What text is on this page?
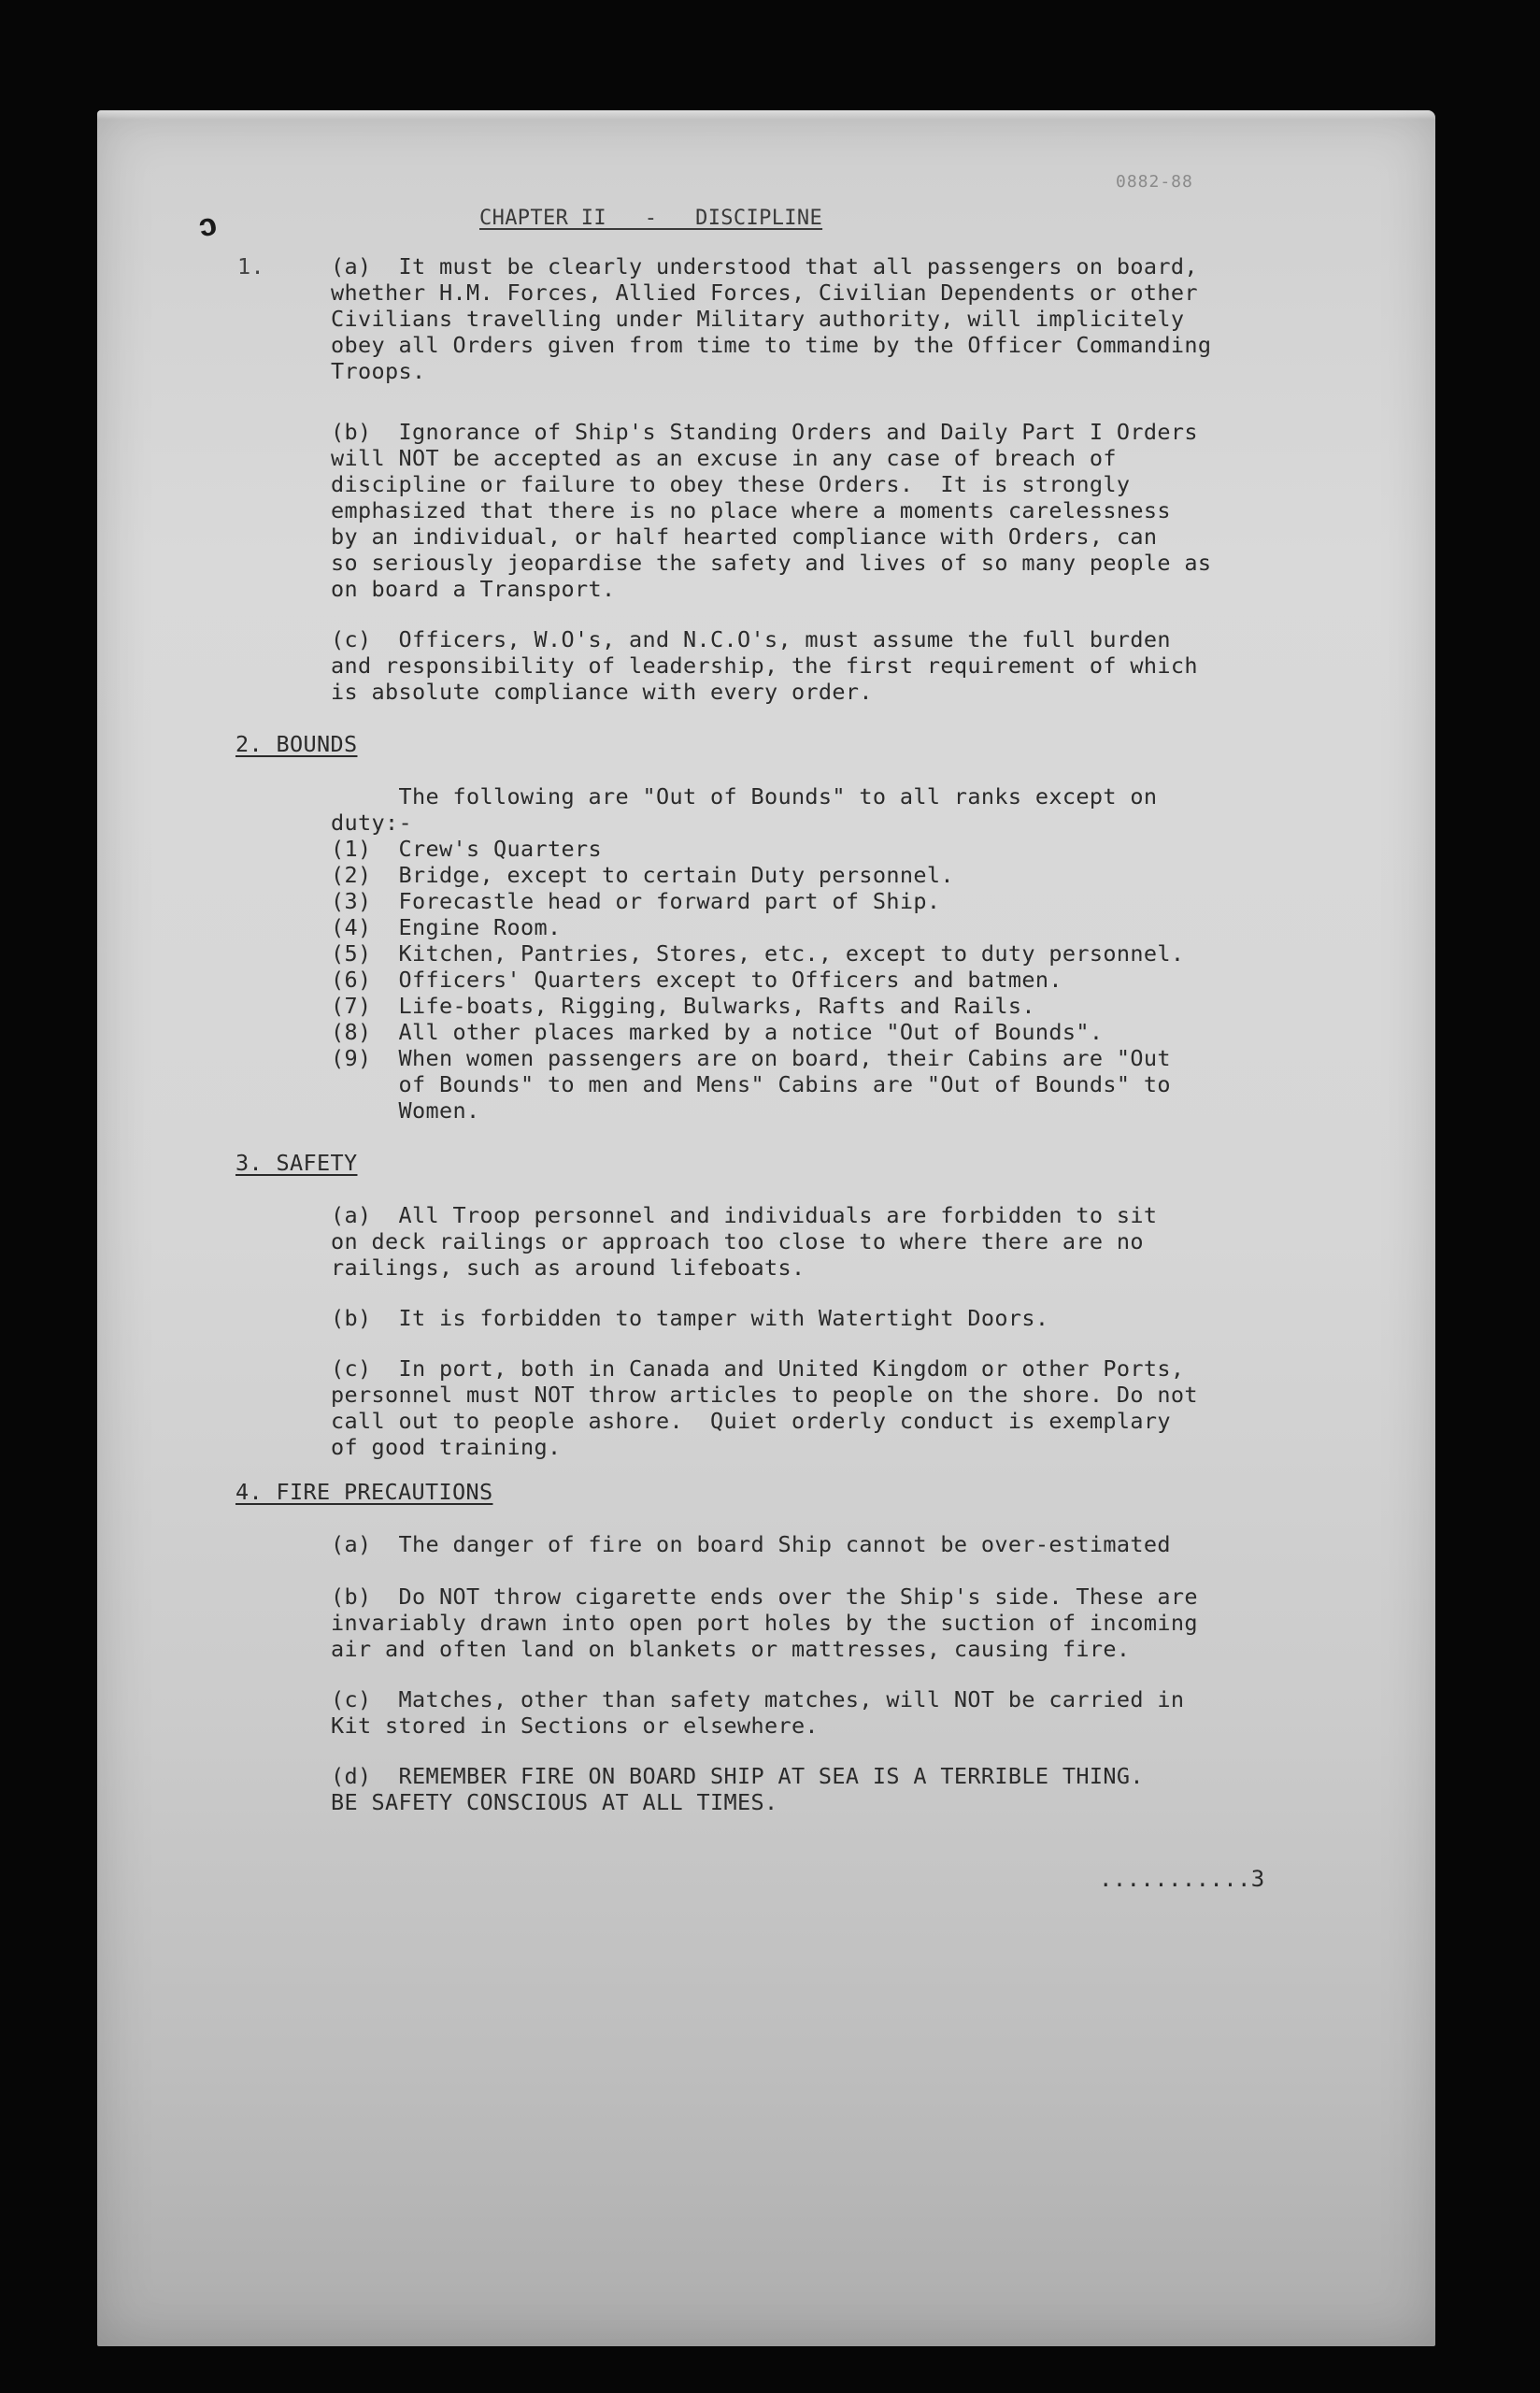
ↄ
0882-88
CHAPTER II   -   DISCIPLINE
1.	(a)  It must be clearly understood that all passengers on board,
whether H.M. Forces, Allied Forces, Civilian Dependents or other
Civilians travelling under Military authority, will implicitely
obey all Orders given from time to time by the Officer Commanding
Troops.
(b)  Ignorance of Ship's Standing Orders and Daily Part I Orders
will NOT be accepted as an excuse in any case of breach of
discipline or failure to obey these Orders.  It is strongly
emphasized that there is no place where a moments carelessness
by an individual, or half hearted compliance with Orders, can
so seriously jeopardise the safety and lives of so many people as
on board a Transport.
(c)  Officers, W.O's, and N.C.O's, must assume the full burden
and responsibility of leadership, the first requirement of which
is absolute compliance with every order.
2. BOUNDS
The following are "Out of Bounds" to all ranks except on
duty:-
(1)  Crew's Quarters
(2)  Bridge, except to certain Duty personnel.
(3)  Forecastle head or forward part of Ship.
(4)  Engine Room.
(5)  Kitchen, Pantries, Stores, etc., except to duty personnel.
(6)  Officers' Quarters except to Officers and batmen.
(7)  Life-boats, Rigging, Bulwarks, Rafts and Rails.
(8)  All other places marked by a notice "Out of Bounds".
(9)  When women passengers are on board, their Cabins are "Out
of Bounds" to men and Mens" Cabins are "Out of Bounds" to
Women.
3. SAFETY
(a)  All Troop personnel and individuals are forbidden to sit
on deck railings or approach too close to where there are no
railings, such as around lifeboats.
(b)  It is forbidden to tamper with Watertight Doors.
(c)  In port, both in Canada and United Kingdom or other Ports,
personnel must NOT throw articles to people on the shore. Do not
call out to people ashore.  Quiet orderly conduct is exemplary
of good training.
4. FIRE PRECAUTIONS
(a)  The danger of fire on board Ship cannot be over-estimated
(b)  Do NOT throw cigarette ends over the Ship's side. These are
invariably drawn into open port holes by the suction of incoming
air and often land on blankets or mattresses, causing fire.
(c)  Matches, other than safety matches, will NOT be carried in
Kit stored in Sections or elsewhere.
(d)  REMEMBER FIRE ON BOARD SHIP AT SEA IS A TERRIBLE THING.
BE SAFETY CONSCIOUS AT ALL TIMES.
...........3
